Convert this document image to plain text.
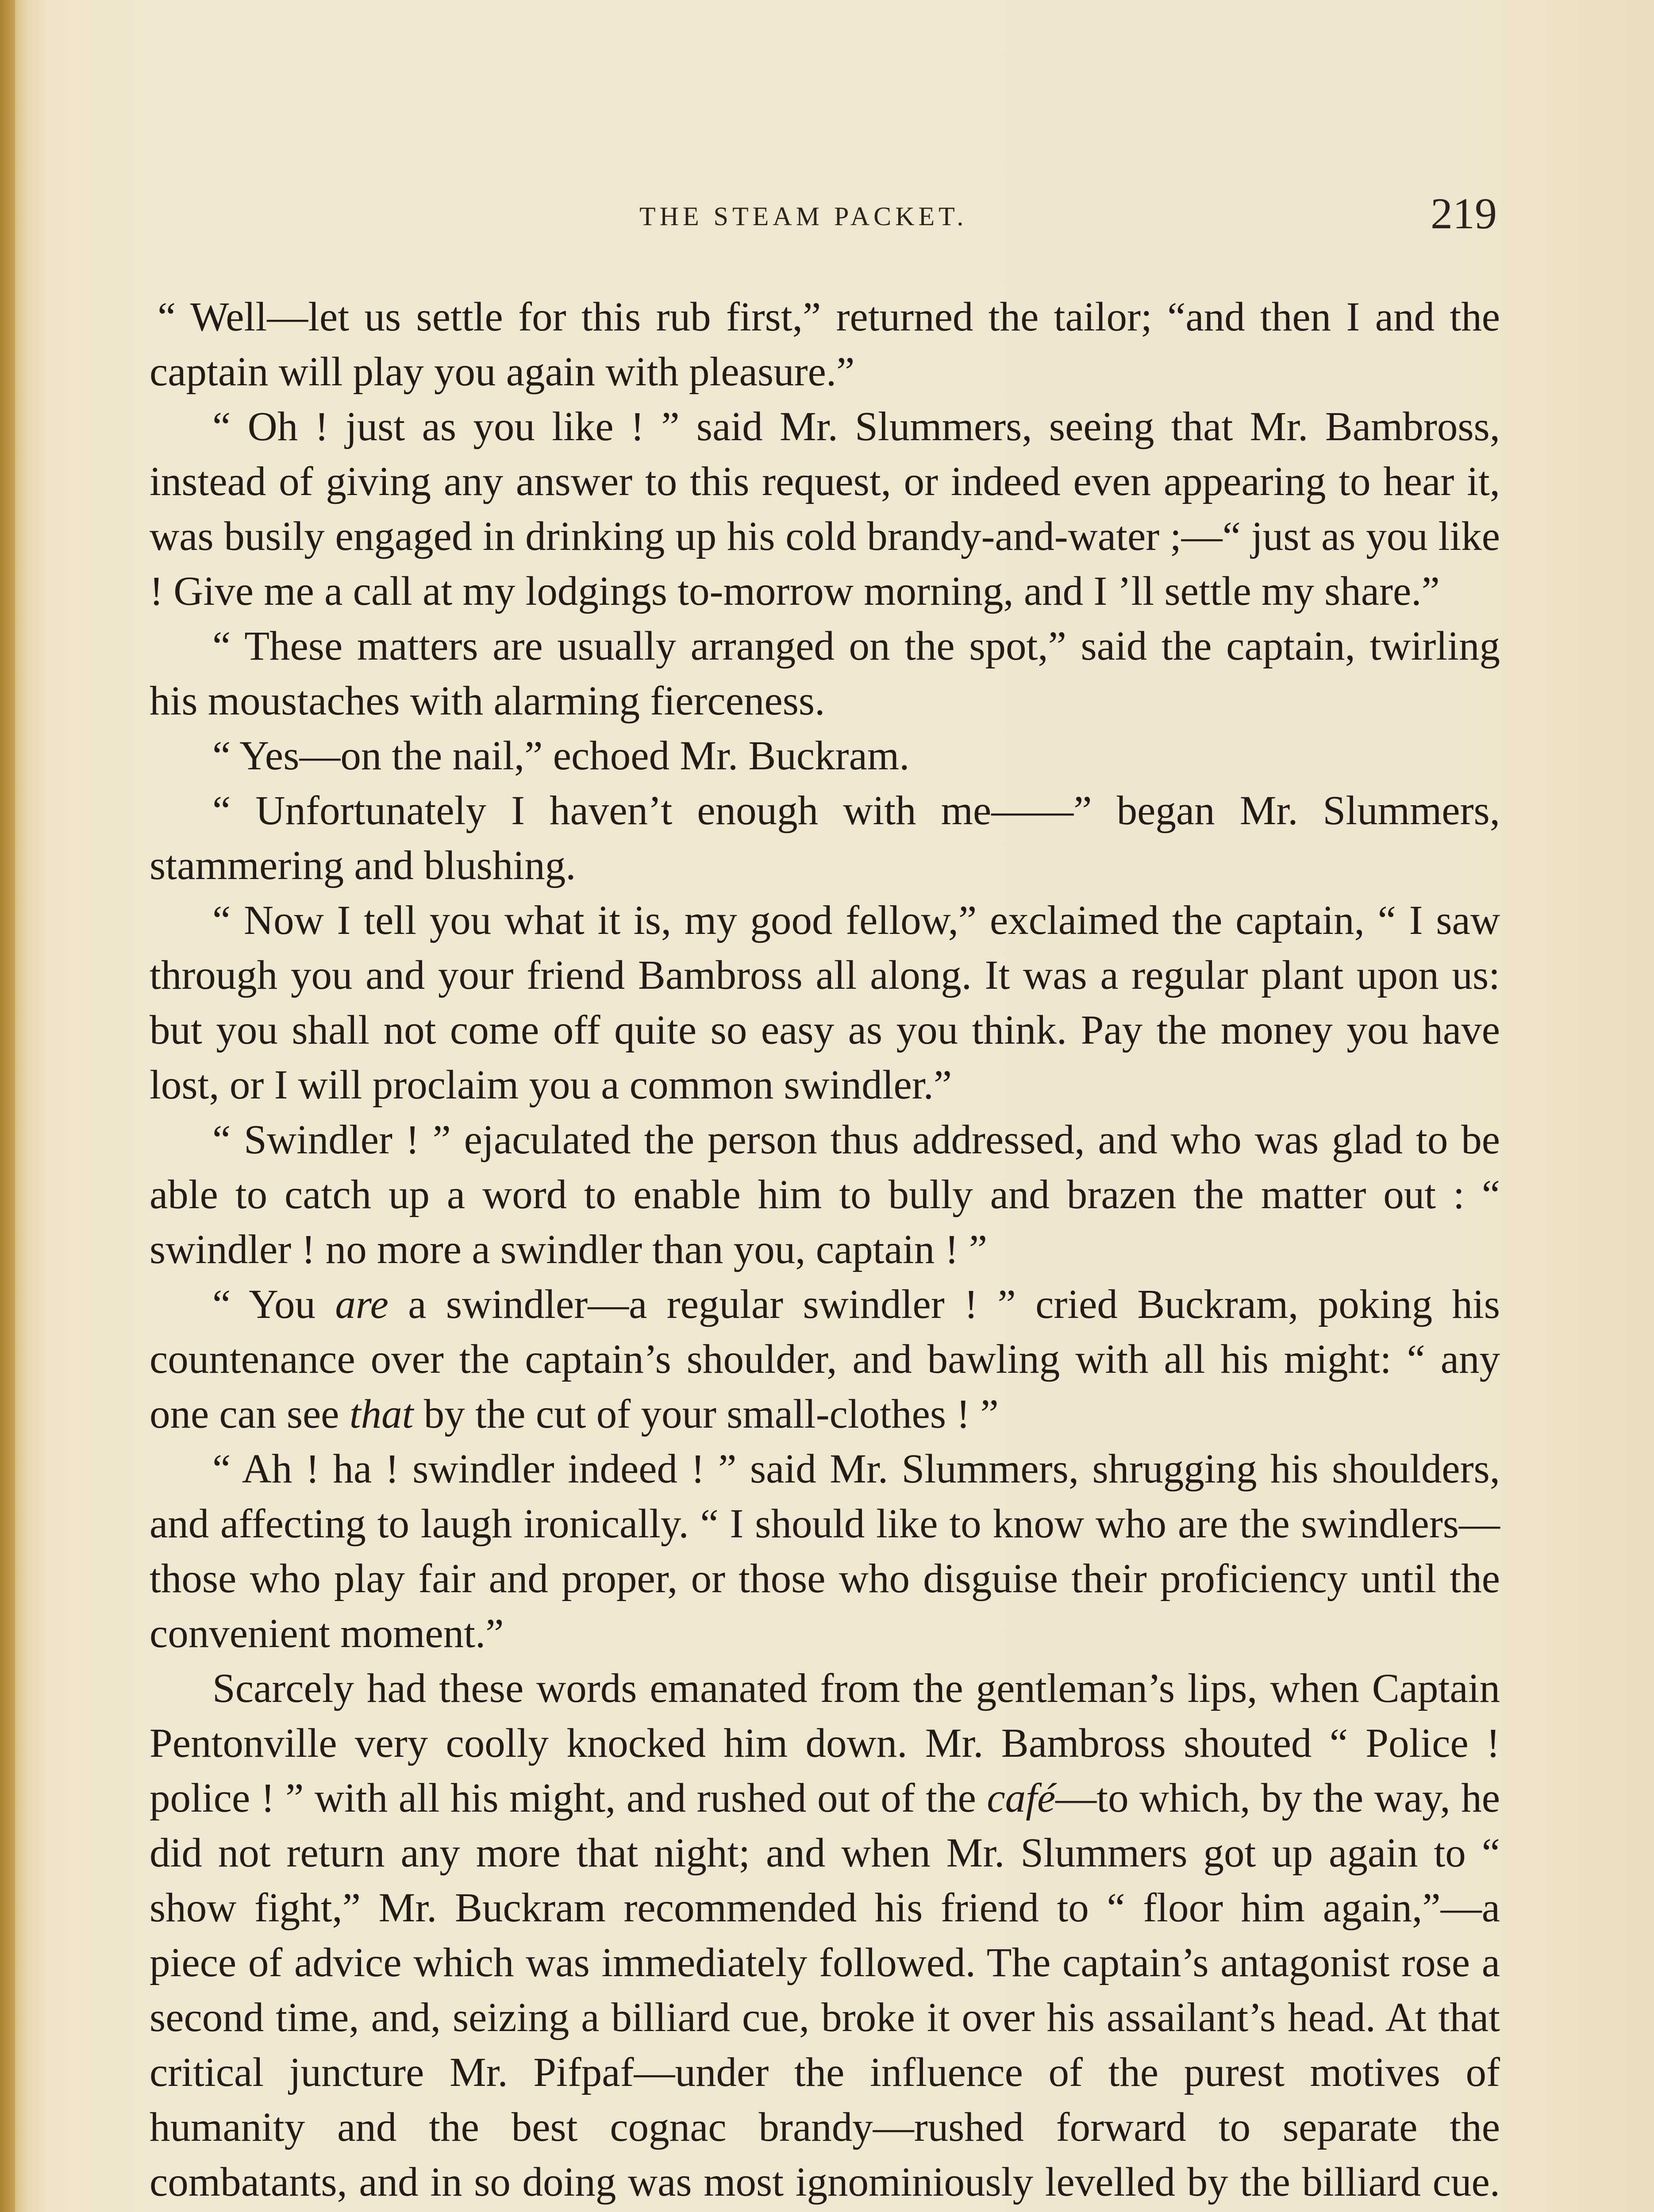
THE STEAM PACKET.	219

“ Well—let us settle for this rub first,” returned the tailor; “and then I and the captain will play you again with pleasure.”

“ Oh ! just as you like ! ” said Mr. Slummers, seeing that Mr. Bambross, instead of giving any answer to this request, or indeed even appearing to hear it, was busily engaged in drinking up his cold brandy-and-water ;—“ just as you like ! Give me a call at my lodgings to-morrow morning, and I ’ll settle my share.”

“ These matters are usually arranged on the spot,” said the captain, twirling his moustaches with alarming fierceness.

“ Yes—on the nail,” echoed Mr. Buckram.

“ Unfortunately I haven’t enough with me——” began Mr. Slummers, stammering and blushing.

“ Now I tell you what it is, my good fellow,” exclaimed the captain, “ I saw through you and your friend Bambross all along. It was a regular plant upon us: but you shall not come off quite so easy as you think. Pay the money you have lost, or I will proclaim you a common swindler.”

“ Swindler ! ” ejaculated the person thus addressed, and who was glad to be able to catch up a word to enable him to bully and brazen the matter out : “ swindler ! no more a swindler than you, captain ! ”

“ You are a swindler—a regular swindler ! ” cried Buckram, poking his countenance over the captain’s shoulder, and bawling with all his might: “ any one can see that by the cut of your small-clothes ! ”

“ Ah ! ha ! swindler indeed ! ” said Mr. Slummers, shrugging his shoulders, and affecting to laugh ironically. “ I should like to know who are the swindlers—those who play fair and proper, or those who disguise their proficiency until the convenient moment.”

Scarcely had these words emanated from the gentleman’s lips, when Captain Pentonville very coolly knocked him down. Mr. Bambross shouted “ Police ! police ! ” with all his might, and rushed out of the café—to which, by the way, he did not return any more that night; and when Mr. Slummers got up again to “ show fight,” Mr. Buckram recommended his friend to “ floor him again,”—a piece of advice which was immediately followed. The captain’s antagonist rose a second time, and, seizing a billiard cue, broke it over his assailant’s head. At that critical juncture Mr. Pifpaf—under the influence of the purest motives of humanity and the best cognac brandy—rushed forward to separate the combatants, and in so doing was most ignominiously levelled by the billiard cue.
